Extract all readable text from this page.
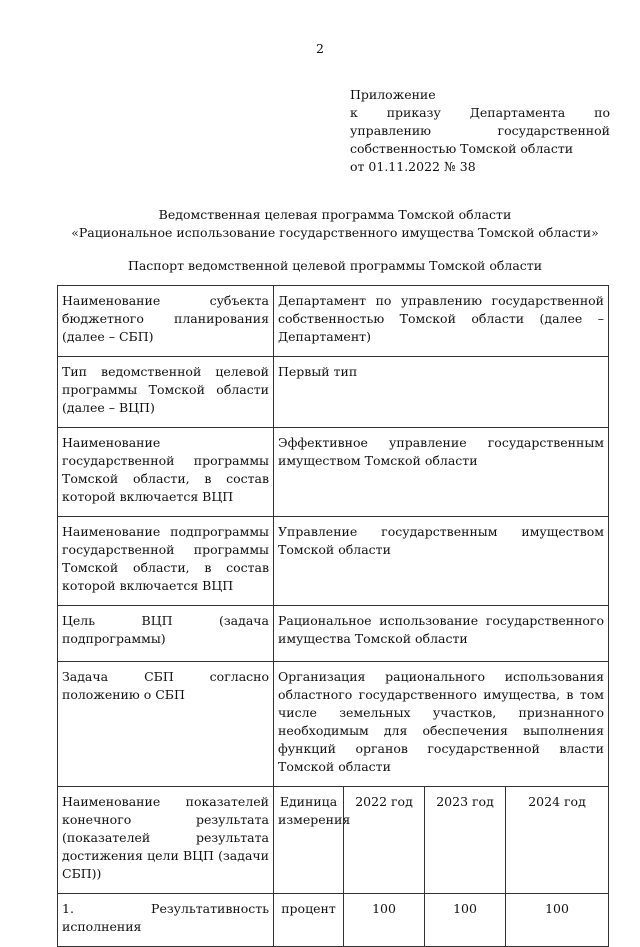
2
Приложение
к приказу Департамента по управлению государственной собственностью Томской области
от 01.11.2022 № 38
Ведомственная целевая программа Томской области
«Рациональное использование государственного имущества Томской области»
Паспорт ведомственной целевой программы Томской области
Наименование субъекта бюджетного планирования (далее – СБП)	Департамент по управлению государственной собственностью Томской области (далее – Департамент)			
Тип ведомственной целевой программы Томской области (далее – ВЦП)	Первый тип			
Наименование государственной программы Томской области, в состав которой включается ВЦП	Эффективное управление государственным имуществом Томской области			
Наименование подпрограммы государственной программы Томской области, в состав которой включается ВЦП	Управление государственным имуществом Томской области			
Цель ВЦП (задача подпрограммы)	Рациональное использование государственного имущества Томской области			
Задача СБП согласно положению о СБП	Организация рационального использования областного государственного имущества, в том числе земельных участков, признанного необходимым для обеспечения выполнения функций органов государственной власти Томской области			
Наименование показателей конечного результата (показателей результата достижения цели ВЦП (задачи СБП))	Единица измерения	2022 год	2023 год	2024 год
1. Результативность исполнения	процент	100	100	100
